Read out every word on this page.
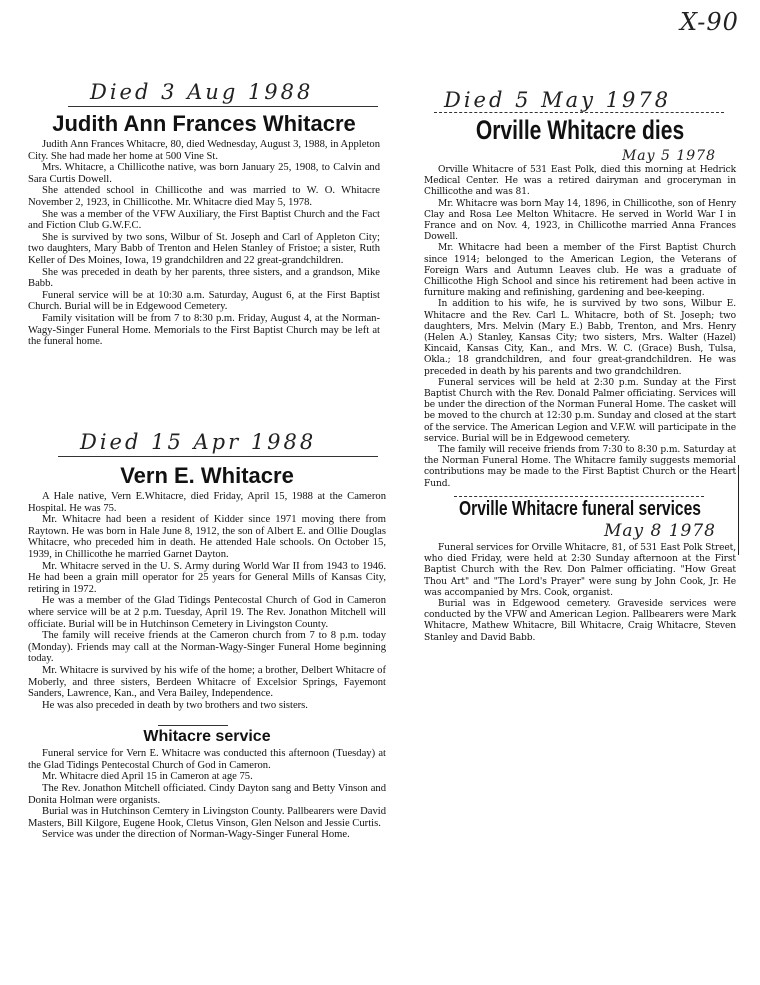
X-90
Died 3 Aug 1988
Judith Ann Frances Whitacre

Judith Ann Frances Whitacre, 80, died Wednesday, August 3, 1988, in Appleton City. She had made her home at 500 Vine St.

Mrs. Whitacre, a Chillicothe native, was born January 25, 1908, to Calvin and Sara Curtis Dowell.

She attended school in Chillicothe and was married to W. O. Whitacre November 2, 1923, in Chillicothe. Mr. Whitacre died May 5, 1978.

She was a member of the VFW Auxiliary, the First Baptist Church and the Fact and Fiction Club G.W.F.C.

She is survived by two sons, Wilbur of St. Joseph and Carl of Appleton City; two daughters, Mary Babb of Trenton and Helen Stanley of Fristoe; a sister, Ruth Keller of Des Moines, Iowa, 19 grandchildren and 22 great-grandchildren.

She was preceded in death by her parents, three sisters, and a grandson, Mike Babb.

Funeral service will be at 10:30 a.m. Saturday, August 6, at the First Baptist Church. Burial will be in Edgewood Cemetery.

Family visitation will be from 7 to 8:30 p.m. Friday, August 4, at the Norman-Wagy-Singer Funeral Home. Memorials to the First Baptist Church may be left at the funeral home.

Died 15 Apr 1988
Vern E. Whitacre

A Hale native, Vern E.Whitacre, died Friday, April 15, 1988 at the Cameron Hospital. He was 75.

Mr. Whitacre had been a resident of Kidder since 1971 moving there from Raytown. He was born in Hale June 8, 1912, the son of Albert E. and Ollie Douglas Whitacre, who preceded him in death. He attended Hale schools. On October 15, 1939, in Chillicothe he married Garnet Dayton.

Mr. Whitacre served in the U. S. Army during World War II from 1943 to 1946. He had been a grain mill operator for 25 years for General Mills of Kansas City, retiring in 1972.

He was a member of the Glad Tidings Pentecostal Church of God in Cameron where service will be at 2 p.m. Tuesday, April 19. The Rev. Jonathon Mitchell will officiate. Burial will be in Hutchinson Cemetery in Livingston County.

The family will receive friends at the Cameron church from 7 to 8 p.m. today (Monday). Friends may call at the Norman-Wagy-Singer Funeral Home beginning today.

Mr. Whitacre is survived by his wife of the home; a brother, Delbert Whitacre of Moberly, and three sisters, Berdeen Whitacre of Excelsior Springs, Fayemont Sanders, Lawrence, Kan., and Vera Bailey, Independence.

He was also preceded in death by two brothers and two sisters.

Whitacre service

Funeral service for Vern E. Whitacre was conducted this afternoon (Tuesday) at the Glad Tidings Pentecostal Church of God in Cameron.

Mr. Whitacre died April 15 in Cameron at age 75.

The Rev. Jonathon Mitchell officiated. Cindy Dayton sang and Betty Vinson and Donita Holman were organists.

Burial was in Hutchinson Cemtery in Livingston County. Pallbearers were David Masters, Bill Kilgore, Eugene Hook, Cletus Vinson, Glen Nelson and Jessie Curtis.

Service was under the direction of Norman-Wagy-Singer Funeral Home.

Died 5 May 1978
Orville Whitacre dies
May 5 1978

Orville Whitacre of 531 East Polk, died this morning at Hedrick Medical Center. He was a retired dairyman and groceryman in Chillicothe and was 81.

Mr. Whitacre was born May 14, 1896, in Chillicothe, son of Henry Clay and Rosa Lee Melton Whitacre. He served in World War I in France and on Nov. 4, 1923, in Chillicothe married Anna Frances Dowell.

Mr. Whitacre had been a member of the First Baptist Church since 1914; belonged to the American Legion, the Veterans of Foreign Wars and Autumn Leaves club. He was a graduate of Chillicothe High School and since his retirement had been active in furniture making and refinishing, gardening and bee-keeping.

In addition to his wife, he is survived by two sons, Wilbur E. Whitacre and the Rev. Carl L. Whitacre, both of St. Joseph; two daughters, Mrs. Melvin (Mary E.) Babb, Trenton, and Mrs. Henry (Helen A.) Stanley, Kansas City; two sisters, Mrs. Walter (Hazel) Kincaid, Kansas City, Kan., and Mrs. W. C. (Grace) Bush, Tulsa, Okla.; 18 grandchildren, and four great-grandchildren. He was preceded in death by his parents and two grandchildren.

Funeral services will be held at 2:30 p.m. Sunday at the First Baptist Church with the Rev. Donald Palmer officiating. Services will be under the direction of the Norman Funeral Home. The casket will be moved to the church at 12:30 p.m. Sunday and closed at the start of the service. The American Legion and V.F.W. will participate in the service. Burial will be in Edgewood cemetery.

The family will receive friends from 7:30 to 8:30 p.m. Saturday at the Norman Funeral Home. The Whitacre family suggests memorial contributions may be made to the First Baptist Church or the Heart Fund.

Orville Whitacre funeral services
May 8 1978

Funeral services for Orville Whitacre, 81, of 531 East Polk Street, who died Friday, were held at 2:30 Sunday afternoon at the First Baptist Church with the Rev. Don Palmer officiating. "How Great Thou Art" and "The Lord's Prayer" were sung by John Cook, Jr. He was accompanied by Mrs. Cook, organist.

Burial was in Edgewood cemetery. Graveside services were conducted by the VFW and American Legion. Pallbearers were Mark Whitacre, Mathew Whitacre, Bill Whitacre, Craig Whitacre, Steven Stanley and David Babb.
